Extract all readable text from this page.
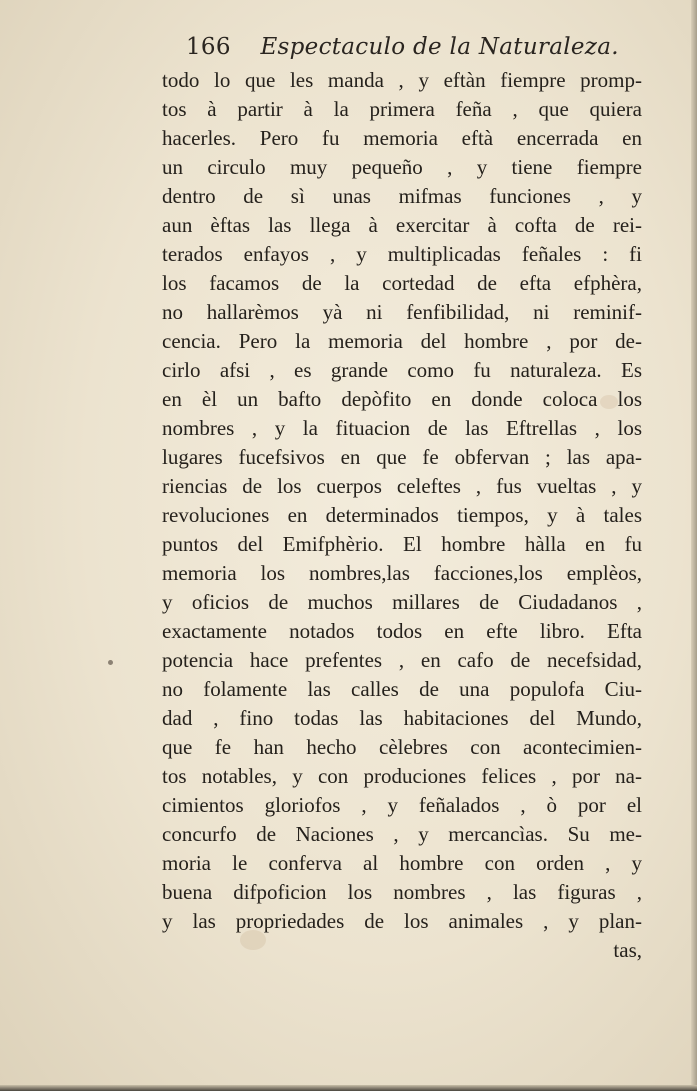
166 Espectaculo de la Naturaleza.
todo lo que les manda , y eftàn fiempre promp-
tos à partir à la primera feña , que quiera
hacerles. Pero fu memoria eftà encerrada en
un circulo muy pequeño , y tiene fiempre
dentro de sì unas mifmas funciones , y
aun èftas las llega à exercitar à cofta de rei-
terados enfayos , y multiplicadas feñales : fi
los facamos de la cortedad de efta efphèra,
no hallarèmos yà ni fenfibilidad, ni reminif-
cencia. Pero la memoria del hombre , por de-
cirlo afsi , es grande como fu naturaleza. Es
en èl un bafto depòfito en donde coloca los
nombres , y la fituacion de las Eftrellas , los
lugares fucefsivos en que fe obfervan ; las apa-
riencias de los cuerpos celeftes , fus vueltas , y
revoluciones en determinados tiempos, y à tales
puntos del Emifphèrio. El hombre hàlla en fu
memoria los nombres,las facciones,los emplèos,
y oficios de muchos millares de Ciudadanos ,
exactamente notados todos en efte libro. Efta
potencia hace prefentes , en cafo de necefsidad,
no folamente las calles de una populofa Ciu-
dad , fino todas las habitaciones del Mundo,
que fe han hecho cèlebres con acontecimien-
tos notables, y con produciones felices , por na-
cimientos gloriofos , y feñalados , ò por el
concurfo de Naciones , y mercancìas. Su me-
moria le conferva al hombre con orden , y
buena difpoficion los nombres , las figuras ,
y las propriedades de los animales , y plan-
tas,
